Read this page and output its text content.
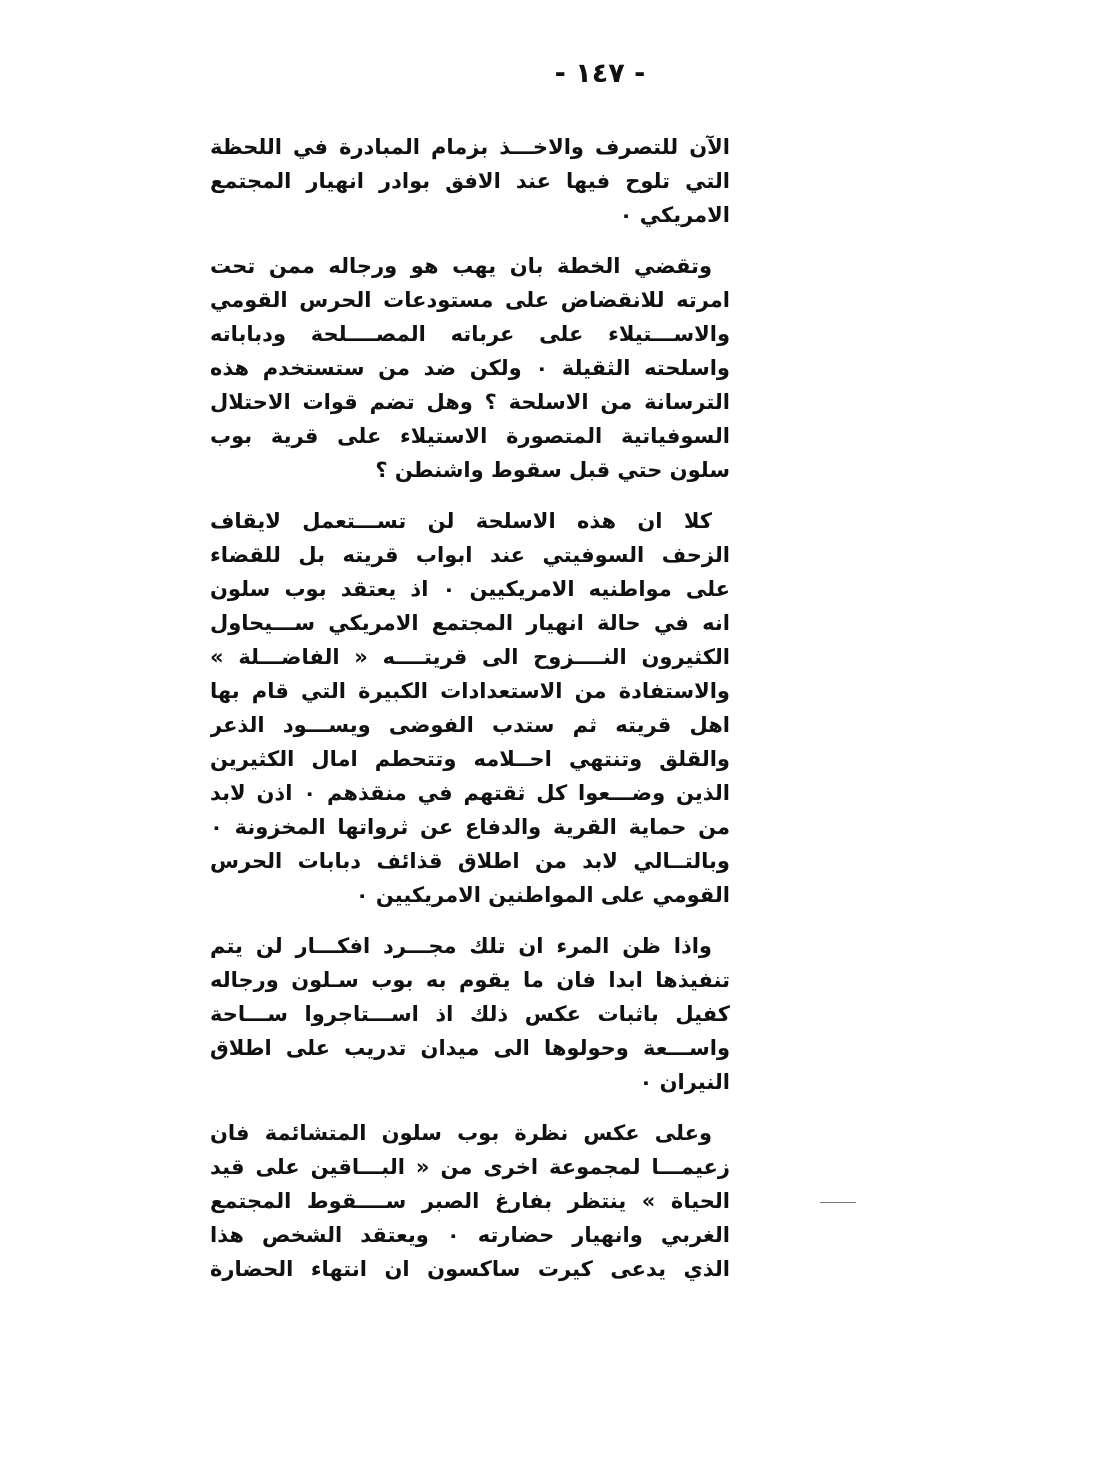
- ١٤٧ -
الآن للتصرف والاخـــذ بزمام المبادرة في اللحظة
التي تلوح فيها عند الافق بوادر انهيار المجتمع
الامريكي ٠
وتقضي الخطة بان يهب هو ورجاله ممن تحت
امرته للانقضاض على مستودعات الحرس القومي
والاســـتيلاء على عرباته المصــــلحة ودباباته
واسلحته الثقيلة ٠ ولكن ضد من ستستخدم هذه
الترسانة من الاسلحة ؟ وهل تضم قوات الاحتلال
السوفياتية المتصورة الاستيلاء على قرية بوب
سلون حتي قبل سقوط واشنطن ؟
كلا ان هذه الاسلحة لن تســـتعمل لايقاف
الزحف السوفيتي عند ابواب قريته بل للقضاء
على مواطنيه الامريكيين ٠ اذ يعتقد بوب سلون
انه في حالة انهيار المجتمع الامريكي ســـيحاول
الكثيرون النــــزوح الى قريتــــه « الفاضـــلة »
والاستفادة من الاستعدادات الكبيرة التي قام بها
اهل قريته ثم ستدب الفوضى ويســـود الذعر
والقلق وتنتهي احــلامه وتتحطم امال الكثيرين
الذين وضـــعوا كل ثقتهم في منقذهم ٠ اذن لابد
من حماية القرية والدفاع عن ثرواتها المخزونة ٠
وبالتــالي لابد من اطلاق قذائف دبابات الحرس
القومي على المواطنين الامريكيين ٠
واذا ظن المرء ان تلك مجـــرد افكـــار لن يتم
تنفيذها ابدا فان ما يقوم به بوب سـلون ورجاله
كفيل باثبات عكس ذلك اذ اســـتاجروا ســـاحة
واســـعة وحولوها الى ميدان تدريب على اطلاق
النيران ٠
وعلى عكس نظرة بوب سلون المتشائمة فان
زعيمـــا لمجموعة اخرى من « البـــاقين على قيد
الحياة » ينتظر بفارغ الصبر ســــقوط المجتمع
الغربي وانهيار حضارته ٠ ويعتقد الشخص هذا
الذي يدعى كيرت ساكسون ان انتهاء الحضارة
